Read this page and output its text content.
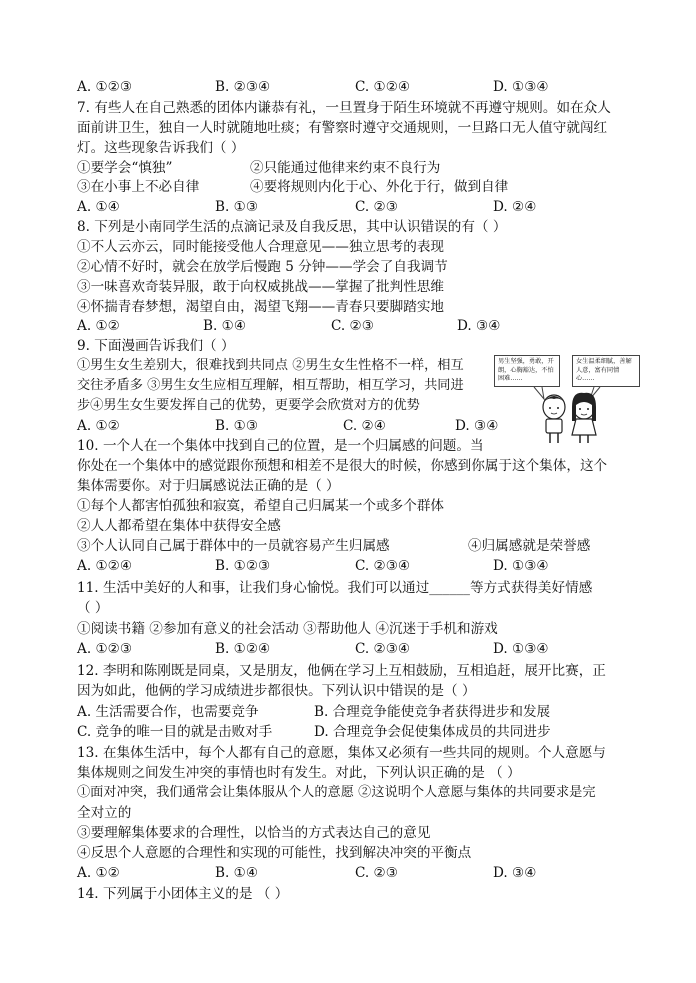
A. ①②③	B. ②③④	C. ①②④	D. ①③④
7. 有些人在自己熟悉的团体内谦恭有礼，一旦置身于陌生环境就不再遵守规则。如在众人
面前讲卫生，独自一人时就随地吐痰；有警察时遵守交通规则，一旦路口无人值守就闯红
灯。这些现象告诉我们（ ）
①要学会“慎独”	②只能通过他律来约束不良行为
③在小事上不必自律	④要将规则内化于心、外化于行，做到自律
A. ①④	B. ①③	C. ②③	D. ②④
8. 下列是小南同学生活的点滴记录及自我反思，其中认识错误的有（ ）
①不人云亦云，同时能接受他人合理意见——独立思考的表现
②心情不好时，就会在放学后慢跑 5 分钟——学会了自我调节
③一味喜欢奇装异服，敢于向权威挑战——掌握了批判性思维
④怀揣青春梦想，渴望自由，渴望飞翔——青春只要脚踏实地
A. ①②	B. ①④	C. ②③	D. ③④
9. 下面漫画告诉我们（ ）
①男生女生差别大，很难找到共同点 ②男生女生性格不一样，相互
交往矛盾多 ③男生女生应相互理解，相互帮助，相互学习，共同进
步④男生女生要发挥自己的优势，更要学会欣赏对方的优势
A. ①②	B. ①③	C. ②④	D. ③④
男生坚强，勇敢，开朗，心胸豁达，不怕困难……
女生温柔细腻，善解人意，富有同情心……
10. 一个人在一个集体中找到自己的位置，是一个归属感的问题。当
你处在一个集体中的感觉跟你预想和相差不是很大的时候，你感到你属于这个集体，这个
集体需要你。对于归属感说法正确的是（ ）
①每个人都害怕孤独和寂寞，希望自己归属某一个或多个群体
②人人都希望在集体中获得安全感
③个人认同自己属于群体中的一员就容易产生归属感	④归属感就是荣誉感
A. ①②④	B. ①②③	C. ②③④	D. ①③④
11. 生活中美好的人和事，让我们身心愉悦。我们可以通过______等方式获得美好情感
（ ）
①阅读书籍 ②参加有意义的社会活动 ③帮助他人 ④沉迷于手机和游戏
A. ①②③	B. ①②④	C. ②③④	D. ①③④
12. 李明和陈刚既是同桌，又是朋友，他俩在学习上互相鼓励，互相追赶，展开比赛，正
因为如此，他俩的学习成绩进步都很快。下列认识中错误的是（ ）
A. 生活需要合作，也需要竞争	B. 合理竞争能使竞争者获得进步和发展
C. 竞争的唯一目的就是击败对手	D. 合理竞争会促使集体成员的共同进步
13. 在集体生活中，每个人都有自己的意愿，集体又必须有一些共同的规则。个人意愿与
集体规则之间发生冲突的事情也时有发生。对此，下列认识正确的是 （ ）
①面对冲突，我们通常会让集体服从个人的意愿 ②这说明个人意愿与集体的共同要求是完
全对立的
③要理解集体要求的合理性，以恰当的方式表达自己的意见
④反思个人意愿的合理性和实现的可能性，找到解决冲突的平衡点
A. ①②	B. ①④	C. ②③	D. ③④
14. 下列属于小团体主义的是 （ ）
